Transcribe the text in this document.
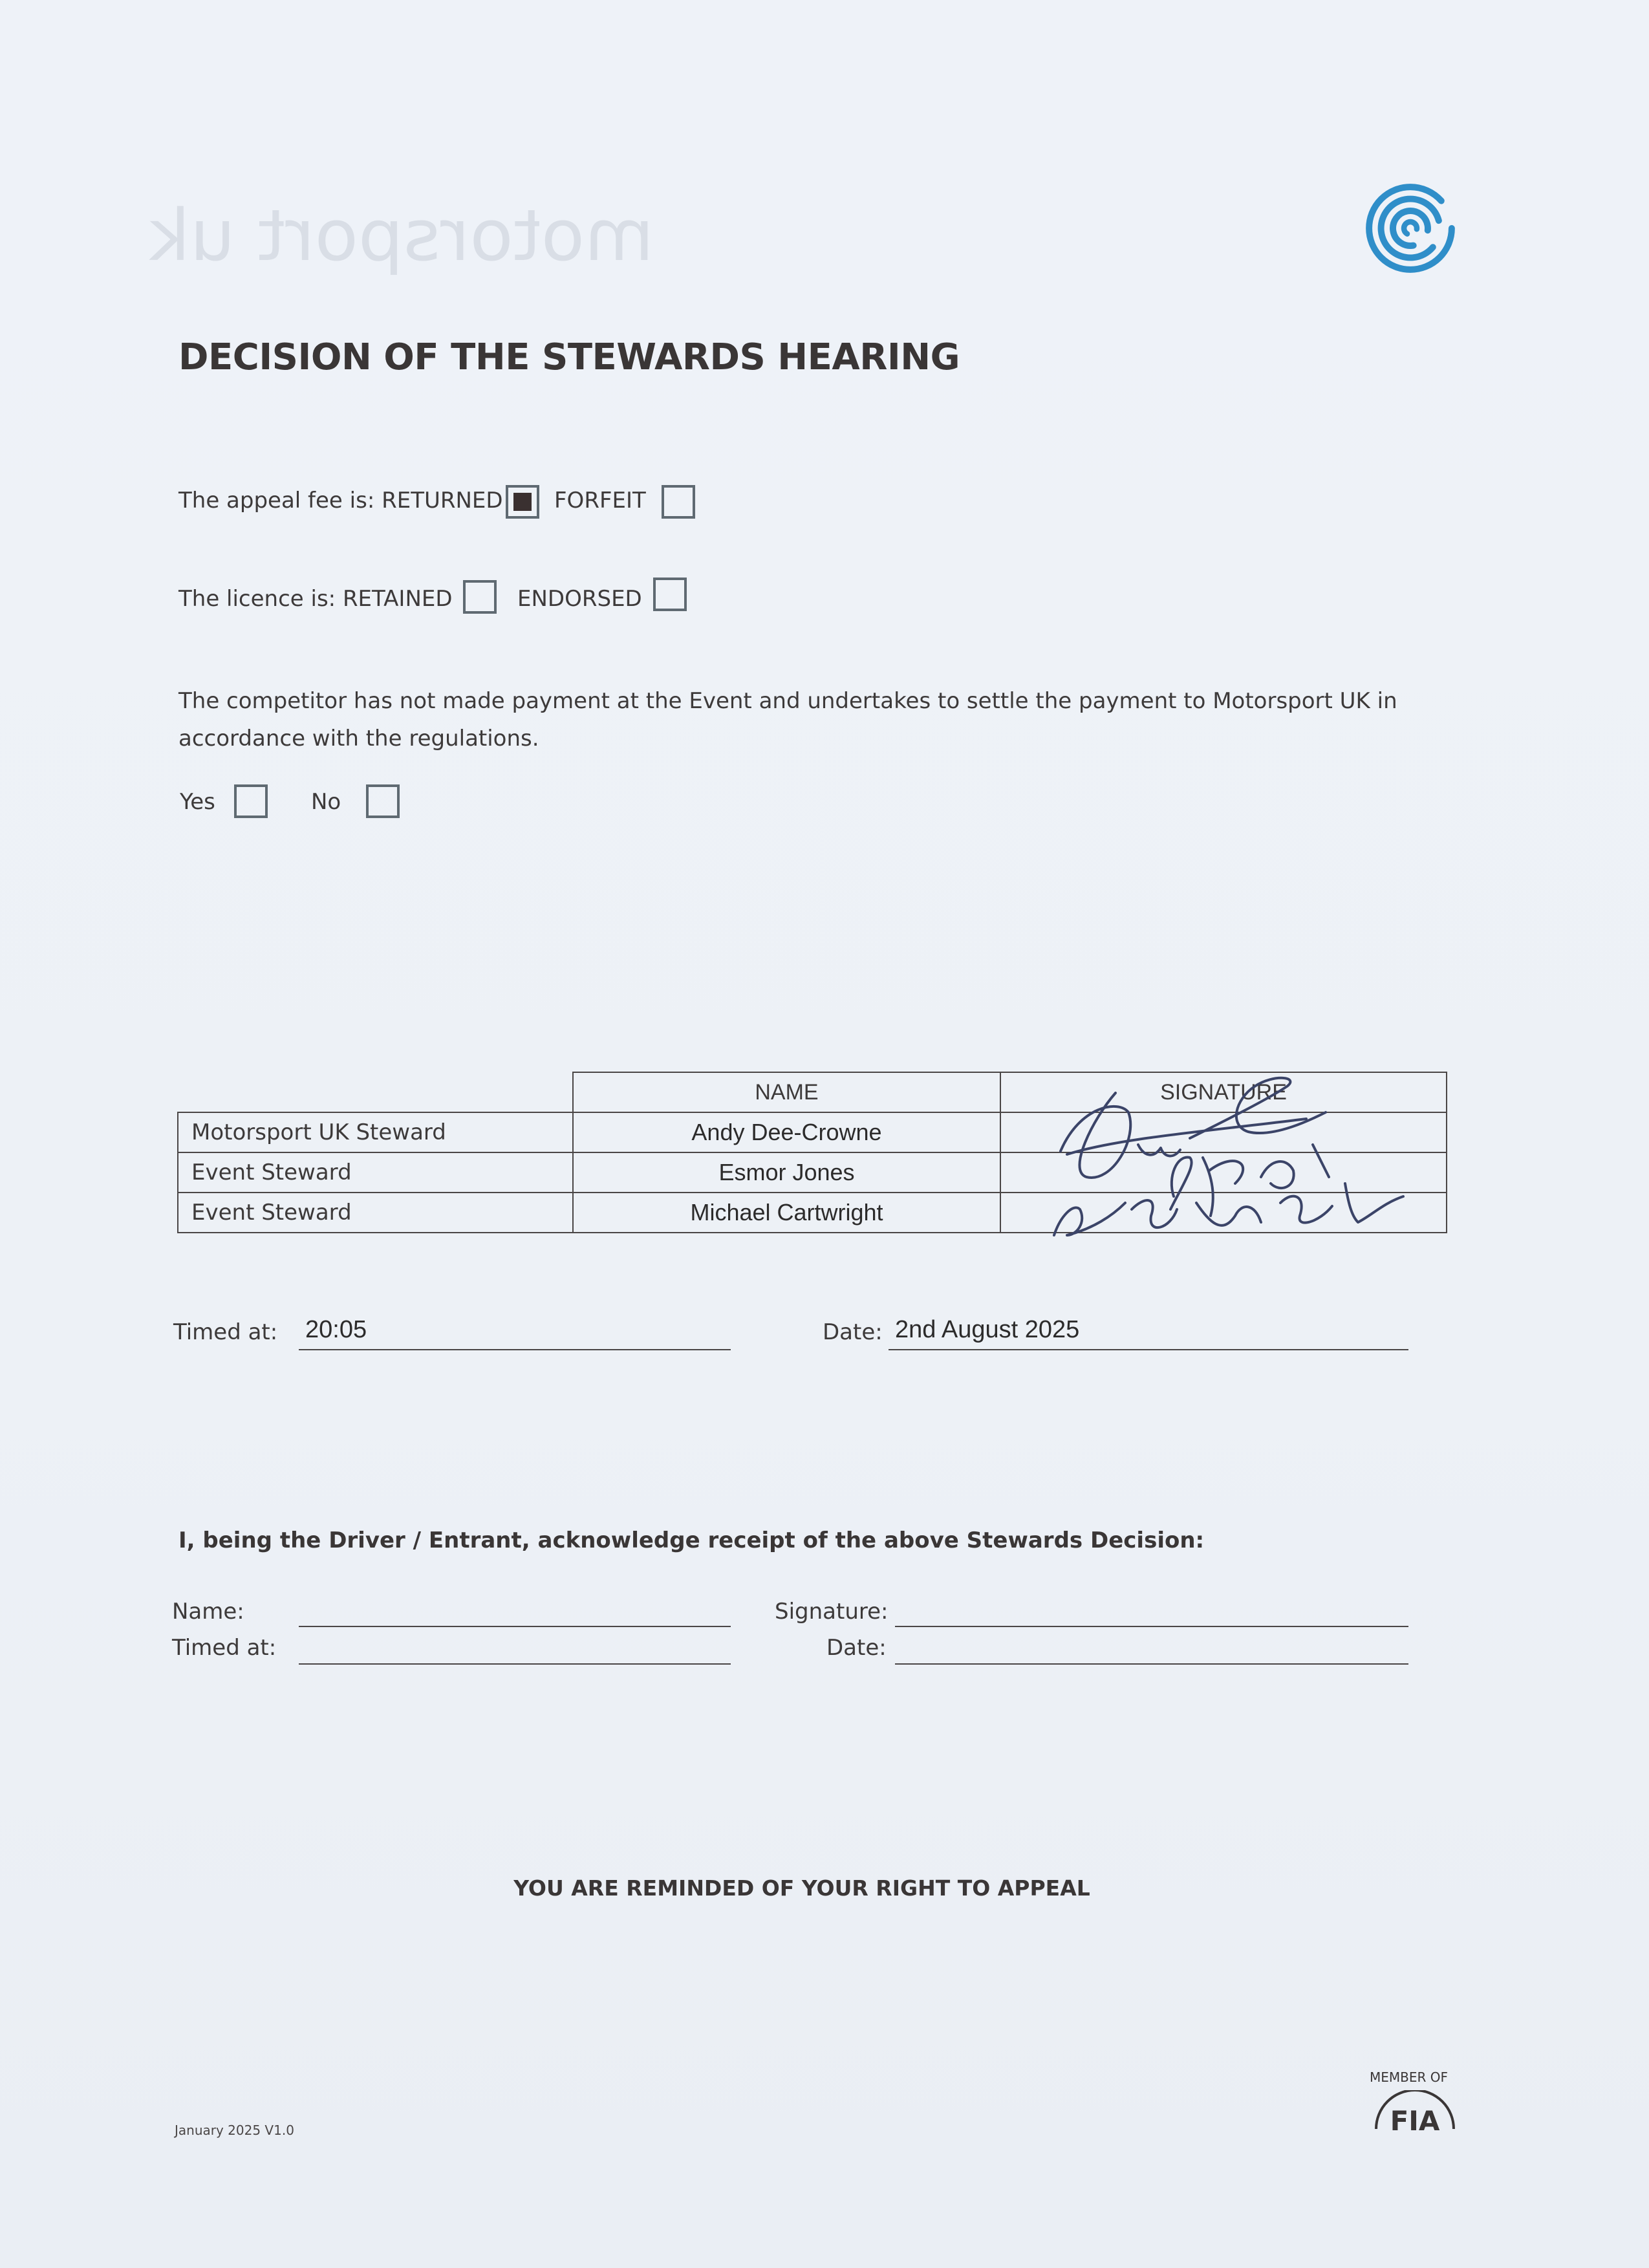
motorsport uk
DECISION OF THE STEWARDS HEARING
The appeal fee is: RETURNED FORFEIT
The licence is: RETAINED	ENDORSED
The competitor has not made payment at the Event and undertakes to settle the payment to Motorsport UK in accordance with the regulations.
Yes	No
	NAME	SIGNATURE
Motorsport UK Steward	Andy Dee-Crowne	
Event Steward	Esmor Jones	
Event Steward	Michael Cartwright	
Timed at: 20:05	Date: 2nd August 2025
I, being the Driver / Entrant, acknowledge receipt of the above Stewards Decision:
Name:	Signature:
Timed at:	Date:
YOU ARE REMINDED OF YOUR RIGHT TO APPEAL
January 2025 V1.0
MEMBER OF
FIA
